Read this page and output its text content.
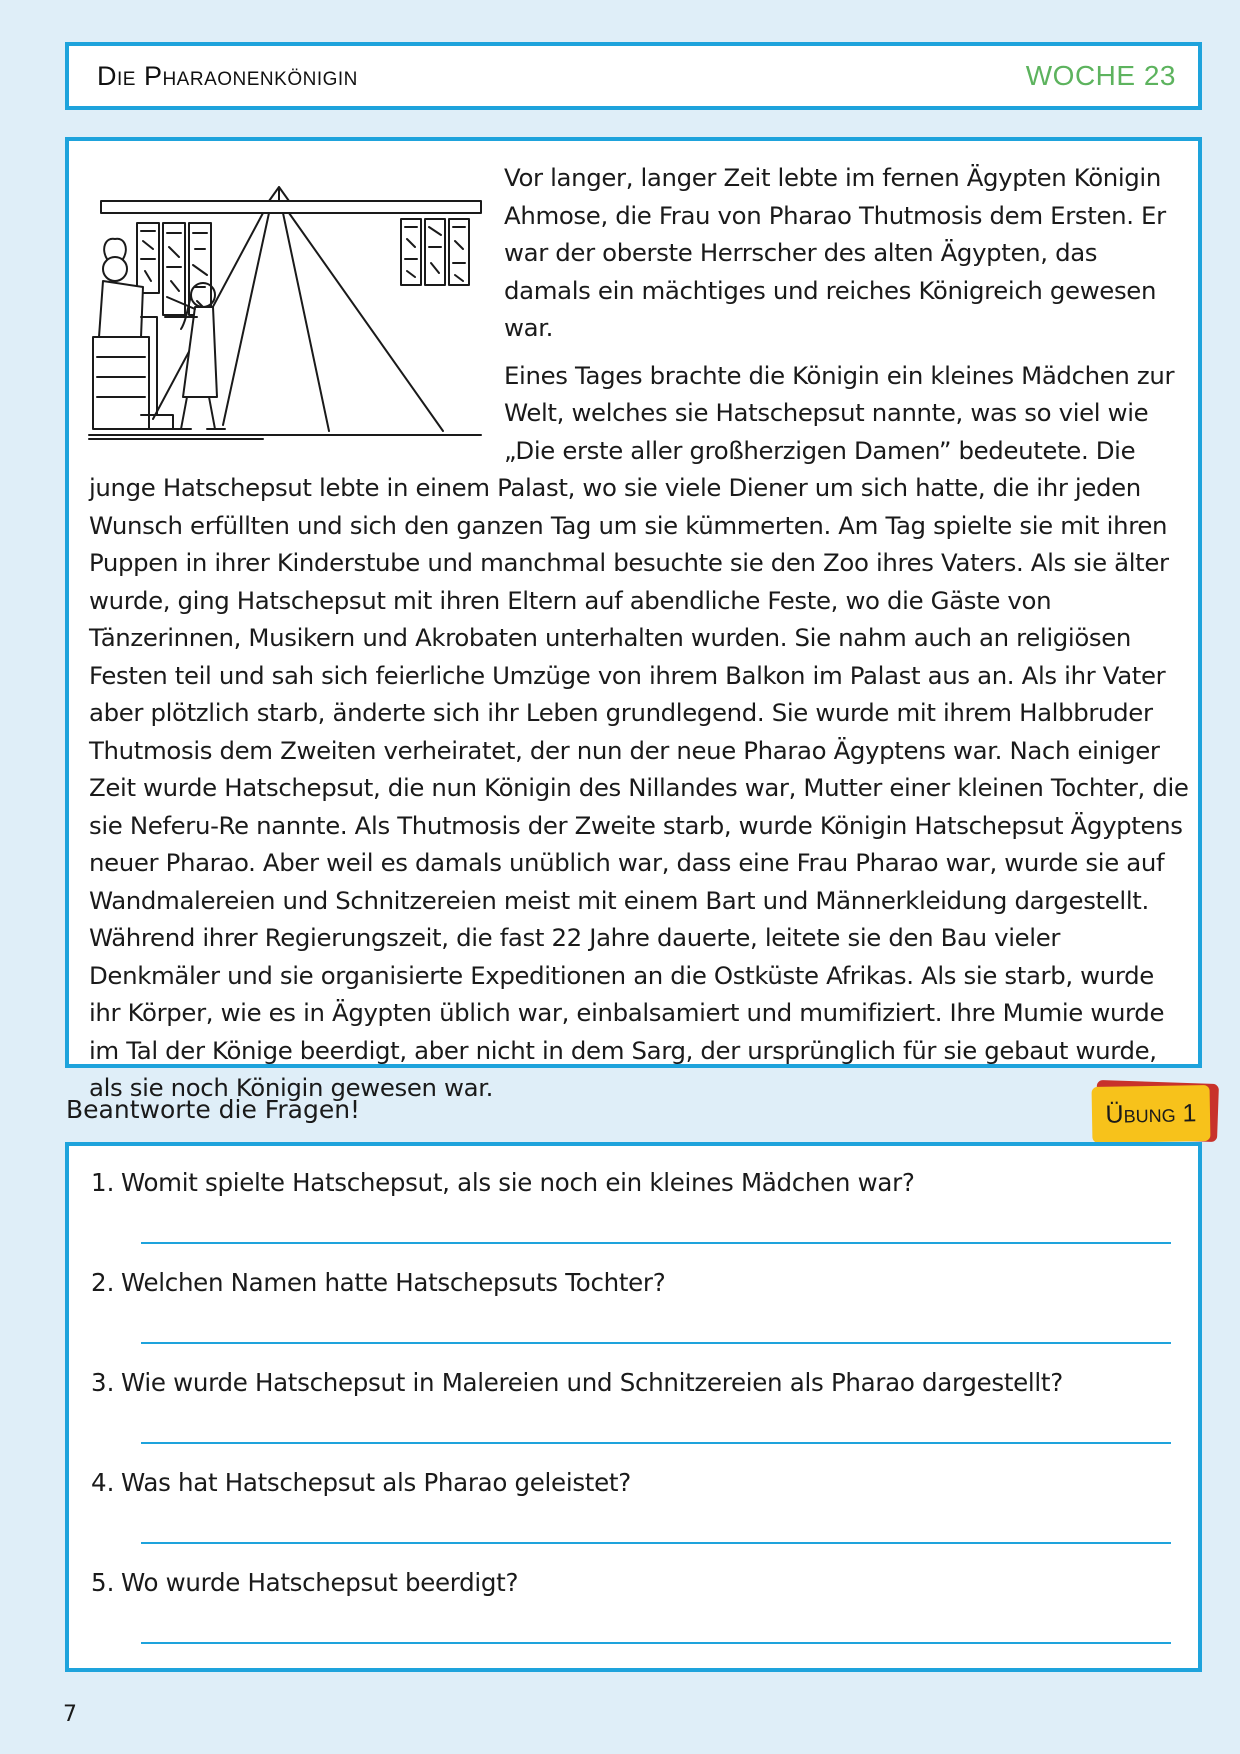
Die Pharaonenkönigin	WOCHE 23

Vor langer, langer Zeit lebte im fernen Ägypten Königin Ahmose, die Frau von Pharao Thutmosis dem Ersten. Er war der oberste Herrscher des alten Ägypten, das damals ein mächtiges und reiches Königreich gewesen war.

Eines Tages brachte die Königin ein kleines Mädchen zur Welt, welches sie Hatschepsut nannte, was so viel wie „Die erste aller großherzigen Damen” bedeutete. Die junge Hatschepsut lebte in einem Palast, wo sie viele Diener um sich hatte, die ihr jeden Wunsch erfüllten und sich den ganzen Tag um sie kümmerten. Am Tag spielte sie mit ihren Puppen in ihrer Kinderstube und manchmal besuchte sie den Zoo ihres Vaters. Als sie älter wurde, ging Hatschepsut mit ihren Eltern auf abendliche Feste, wo die Gäste von Tänzerinnen, Musikern und Akrobaten unterhalten wurden. Sie nahm auch an religiösen Festen teil und sah sich feierliche Umzüge von ihrem Balkon im Palast aus an. Als ihr Vater aber plötzlich starb, änderte sich ihr Leben grundlegend. Sie wurde mit ihrem Halbbruder Thutmosis dem Zweiten verheiratet, der nun der neue Pharao Ägyptens war. Nach einiger Zeit wurde Hatschepsut, die nun Königin des Nillandes war, Mutter einer kleinen Tochter, die sie Neferu-Re nannte. Als Thutmosis der Zweite starb, wurde Königin Hatschepsut Ägyptens neuer Pharao. Aber weil es damals unüblich war, dass eine Frau Pharao war, wurde sie auf Wandmalereien und Schnitzereien meist mit einem Bart und Männerkleidung dargestellt. Während ihrer Regierungszeit, die fast 22 Jahre dauerte, leitete sie den Bau vieler Denkmäler und sie organisierte Expeditionen an die Ostküste Afrikas. Als sie starb, wurde ihr Körper, wie es in Ägypten üblich war, einbalsamiert und mumifiziert. Ihre Mumie wurde im Tal der Könige beerdigt, aber nicht in dem Sarg, der ursprünglich für sie gebaut wurde, als sie noch Königin gewesen war.

Beantworte die Fragen!	Übung 1
1. Womit spielte Hatschepsut, als sie noch ein kleines Mädchen war?
2. Welchen Namen hatte Hatschepsuts Tochter?
3. Wie wurde Hatschepsut in Malereien und Schnitzereien als Pharao dargestellt?
4. Was hat Hatschepsut als Pharao geleistet?
5. Wo wurde Hatschepsut beerdigt?
7
